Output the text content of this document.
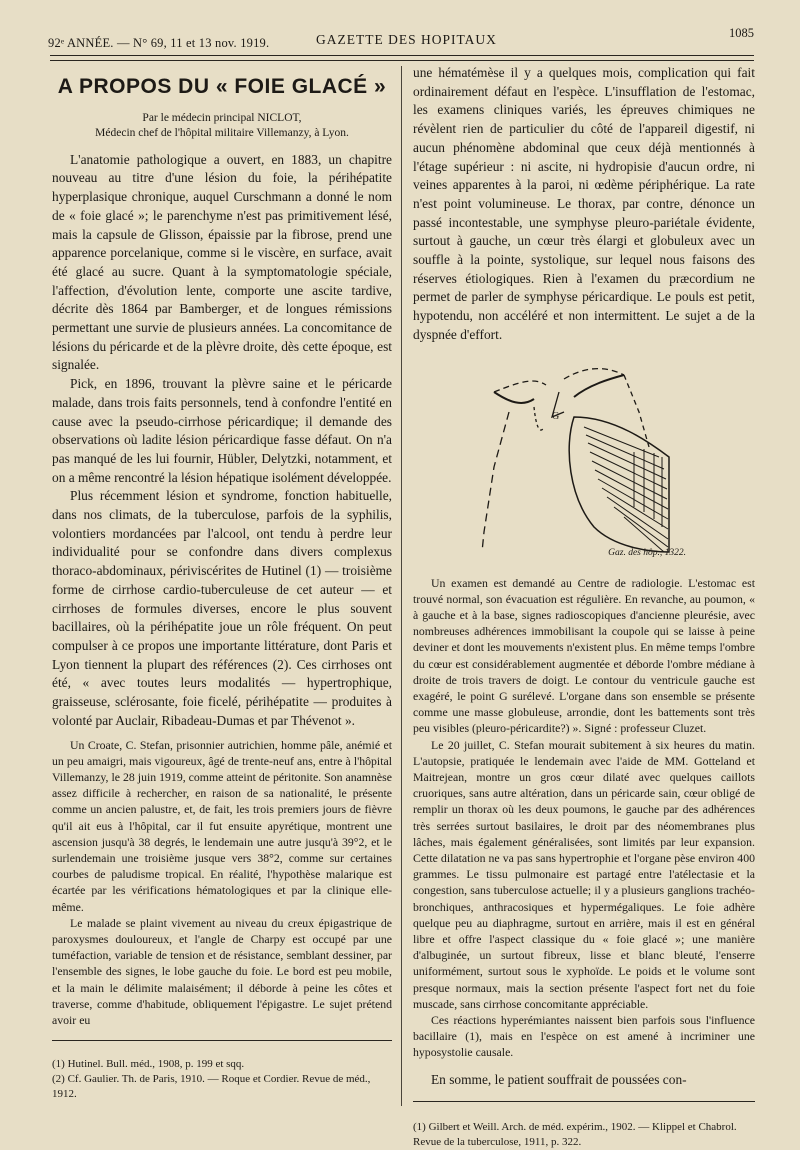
92ᵉ ANNÉE. — N° 69, 11 et 13 nov. 1919.	GAZETTE DES HOPITAUX	1085
A PROPOS DU « FOIE GLACÉ »
Par le médecin principal NICLOT,
Médecin chef de l'hôpital militaire Villemanzy, à Lyon.

L'anatomie pathologique a ouvert, en 1883, un chapitre nouveau au titre d'une lésion du foie, la périhépatite hyperplasique chronique, auquel Curschmann a donné le nom de « foie glacé »; le parenchyme n'est pas primitivement lésé, mais la capsule de Glisson, épaissie par la fibrose, prend une apparence porcelanique, comme si le viscère, en surface, avait été glacé au sucre. Quant à la symptomatologie spéciale, l'affection, d'évolution lente, comporte une ascite tardive, décrite dès 1864 par Bamberger, et de longues rémissions permettant une survie de plusieurs années. La concomitance de lésions du péricarde et de la plèvre droite, dès cette époque, est signalée.

Pick, en 1896, trouvant la plèvre saine et le péricarde malade, dans trois faits personnels, tend à confondre l'entité en cause avec la pseudo-cirrhose péricardique; il demande des observations où ladite lésion péricardique fasse défaut. On n'a pas manqué de les lui fournir, Hübler, Delytzki, notamment, et on a même rencontré la lésion hépatique isolément développée.

Plus récemment lésion et syndrome, fonction habituelle, dans nos climats, de la tuberculose, parfois de la syphilis, volontiers mordancées par l'alcool, ont tendu à perdre leur individualité pour se confondre dans divers complexus thoraco-abdominaux, périviscérites de Hutinel (1) — troisième forme de cirrhose cardio-tuberculeuse de cet auteur — et cirrhoses de formules diverses, encore le plus souvent bacillaires, où la périhépatite joue un rôle fréquent. On peut compulser à ce propos une importante littérature, dont Paris et Lyon tiennent la plupart des références (2). Ces cirrhoses ont été, « avec toutes leurs modalités — hypertrophique, graisseuse, sclérosante, foie ficelé, périhépatite — produites à volonté par Auclair, Ribadeau-Dumas et par Thévenot ».

Un Croate, C. Stefan, prisonnier autrichien, homme pâle, anémié et un peu amaigri, mais vigoureux, âgé de trente-neuf ans, entre à l'hôpital Villemanzy, le 28 juin 1919, comme atteint de péritonite. Son anamnèse assez difficile à rechercher, en raison de sa nationalité, le présente comme un ancien palustre, et, de fait, les trois premiers jours de fièvre qu'il ait eus à l'hôpital, car il fut ensuite apyrétique, montrent une ascension jusqu'à 38 degrés, le lendemain une autre jusqu'à 39°2, et le surlendemain une troisième jusque vers 38°2, comme sur certaines courbes de paludisme tropical. En réalité, l'hypothèse malarique est écartée par les vérifications hématologiques et par la clinique elle-même.

Le malade se plaint vivement au niveau du creux épigastrique de paroxysmes douloureux, et l'angle de Charpy est occupé par une tuméfaction, variable de tension et de résistance, semblant dessiner, par l'ensemble des signes, le lobe gauche du foie. Le bord est peu mobile, et la main le délimite malaisément; il déborde à peine les côtes et traverse, comme d'habitude, obliquement l'épigastre. Le sujet prétend avoir eu

(1) Hutinel. Bull. méd., 1908, p. 199 et sqq.

(2) Cf. Gaulier. Th. de Paris, 1910. — Roque et Cordier. Revue de méd., 1912.

une hématémèse il y a quelques mois, complication qui fait ordinairement défaut en l'espèce. L'insufflation de l'estomac, les examens cliniques variés, les épreuves chimiques ne révèlent rien de particulier du côté de l'appareil digestif, ni aucun phénomène abdominal que ceux déjà mentionnés à l'étage supérieur : ni ascite, ni hydropisie d'aucun ordre, ni veines apparentes à la paroi, ni œdème périphérique. La rate n'est point volumineuse. Le thorax, par contre, dénonce un passé incontestable, une symphyse pleuro-pariétale évidente, surtout à gauche, un cœur très élargi et globuleux avec un souffle à la pointe, systolique, sur lequel nous faisons des réserves étiologiques. Rien à l'examen du præcordium ne permet de parler de symphyse péricardique. Le pouls est petit, hypotendu, non accéléré et non intermittent. Le sujet a de la dyspnée d'effort.

G
Gaz. des hôp., 1322.

Un examen est demandé au Centre de radiologie. L'estomac est trouvé normal, son évacuation est régulière. En revanche, au poumon, « à gauche et à la base, signes radioscopiques d'ancienne pleurésie, avec nombreuses adhérences immobilisant la coupole qui se laisse à peine deviner et dont les mouvements n'existent plus. En même temps l'ombre du cœur est considérablement augmentée et déborde l'ombre médiane à droite de trois travers de doigt. Le contour du ventricule gauche est exagéré, le point G surélevé. L'organe dans son ensemble se présente comme une masse globuleuse, arrondie, dont les battements sont très peu visibles (pleuro-péricardite?) ». Signé : professeur Cluzet.

Le 20 juillet, C. Stefan mourait subitement à six heures du matin. L'autopsie, pratiquée le lendemain avec l'aide de MM. Gotteland et Maitrejean, montre un gros cœur dilaté avec quelques caillots cruoriques, sans autre altération, dans un péricarde sain, cœur obligé de remplir un thorax où les deux poumons, le gauche par des adhérences très serrées surtout basilaires, le droit par des néomembranes plus lâches, mais également généralisées, sont limités par leur expansion. Cette dilatation ne va pas sans hypertrophie et l'organe pèse environ 400 grammes. Le tissu pulmonaire est partagé entre l'atélectasie et la congestion, sans tuberculose actuelle; il y a plusieurs ganglions trachéo-bronchiques, anthracosiques et hypermégaliques. Le foie adhère quelque peu au diaphragme, surtout en arrière, mais il est en général libre et offre l'aspect classique du « foie glacé »; une manière d'albuginée, un surtout fibreux, lisse et blanc bleuté, l'enserre uniformément, surtout sous le xyphoïde. Le poids et le volume sont presque normaux, mais la section présente l'aspect fort net du foie muscade, sans cirrhose concomitante appréciable.

Ces réactions hyperémiantes naissent bien parfois sous l'influence bacillaire (1), mais en l'espèce on est amené à incriminer une hyposystolie causale.

En somme, le patient souffrait de poussées con-

(1) Gilbert et Weill. Arch. de méd. expérim., 1902. — Klippel et Chabrol. Revue de la tuberculose, 1911, p. 322.
